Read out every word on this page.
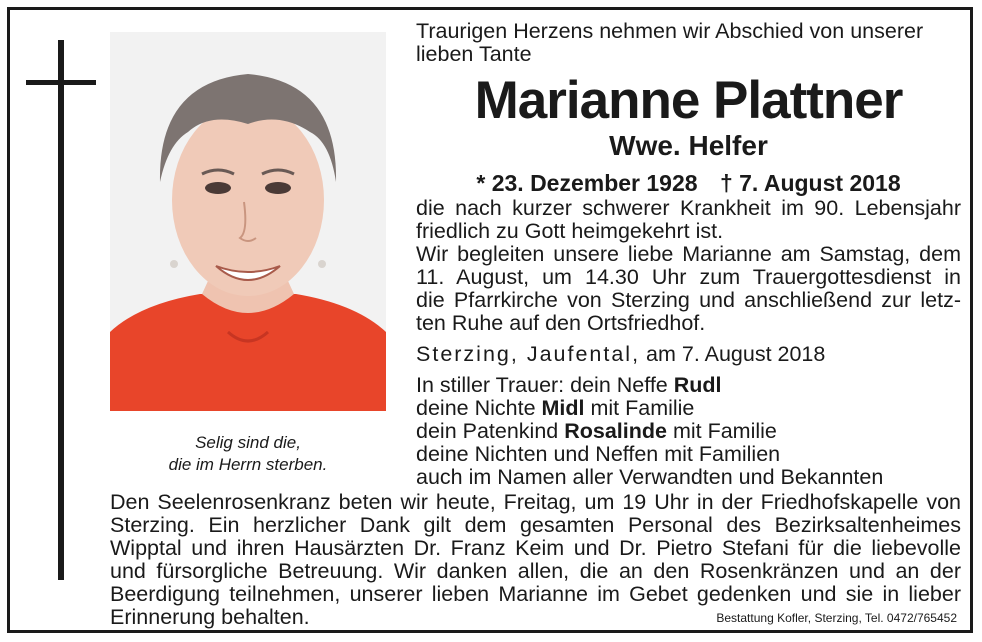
Selig sind die,
die im Herrn sterben.
Traurigen Herzens nehmen wir Abschied von unserer
lieben Tante
Marianne Plattner
Wwe. Helfer
* 23. Dezember 1928 † 7. August 2018
die nach kurzer schwerer Krankheit im 90. Lebensjahr
friedlich zu Gott heimgekehrt ist.
Wir begleiten unsere liebe Marianne am Samstag, dem
11. August, um 14.30 Uhr zum Trauergottesdienst in
die Pfarrkirche von Sterzing und anschließend zur letz-
ten Ruhe auf den Ortsfriedhof.
Sterzing, Jaufental, am 7. August 2018
In stiller Trauer: dein Neffe Rudl
deine Nichte Midl mit Familie
dein Patenkind Rosalinde mit Familie
deine Nichten und Neffen mit Familien
auch im Namen aller Verwandten und Bekannten
Den Seelenrosenkranz beten wir heute, Freitag, um 19 Uhr in der Friedhofskapelle von
Sterzing. Ein herzlicher Dank gilt dem gesamten Personal des Bezirksaltenheimes
Wipptal und ihren Hausärzten Dr. Franz Keim und Dr. Pietro Stefani für die liebevolle
und fürsorgliche Betreuung. Wir danken allen, die an den Rosenkränzen und an der
Beerdigung teilnehmen, unserer lieben Marianne im Gebet gedenken und sie in lieber
Erinnerung behalten.	Bestattung Kofler, Sterzing, Tel. 0472/765452
